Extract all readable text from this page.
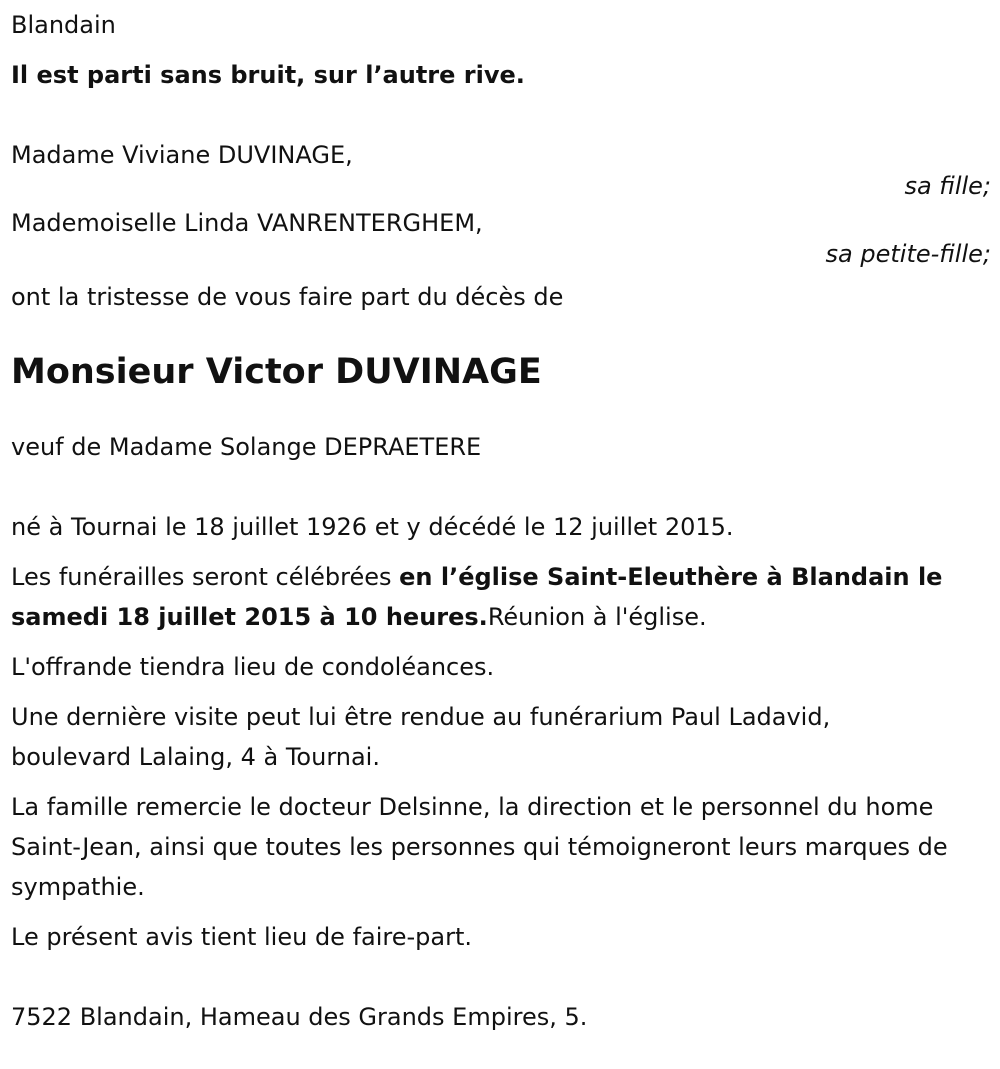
Blandain

Il est parti sans bruit, sur l’autre rive.

Madame Viviane DUVINAGE,

sa fille;

Mademoiselle Linda VANRENTERGHEM,

sa petite-fille;

ont la tristesse de vous faire part du décès de

Monsieur Victor DUVINAGE

veuf de Madame Solange DEPRAETERE

né à Tournai le 18 juillet 1926 et y décédé le 12 juillet 2015.

Les funérailles seront célébrées en l’église Saint-Eleuthère à Blandain le samedi 18 juillet 2015 à 10 heures.Réunion à l'église.

L'offrande tiendra lieu de condoléances.

Une dernière visite peut lui être rendue au funérarium Paul Ladavid, boulevard Lalaing, 4 à Tournai.

La famille remercie le docteur Delsinne, la direction et le personnel du home Saint-Jean, ainsi que toutes les personnes qui témoigneront leurs marques de sympathie.

Le présent avis tient lieu de faire-part.

7522 Blandain, Hameau des Grands Empires, 5.
